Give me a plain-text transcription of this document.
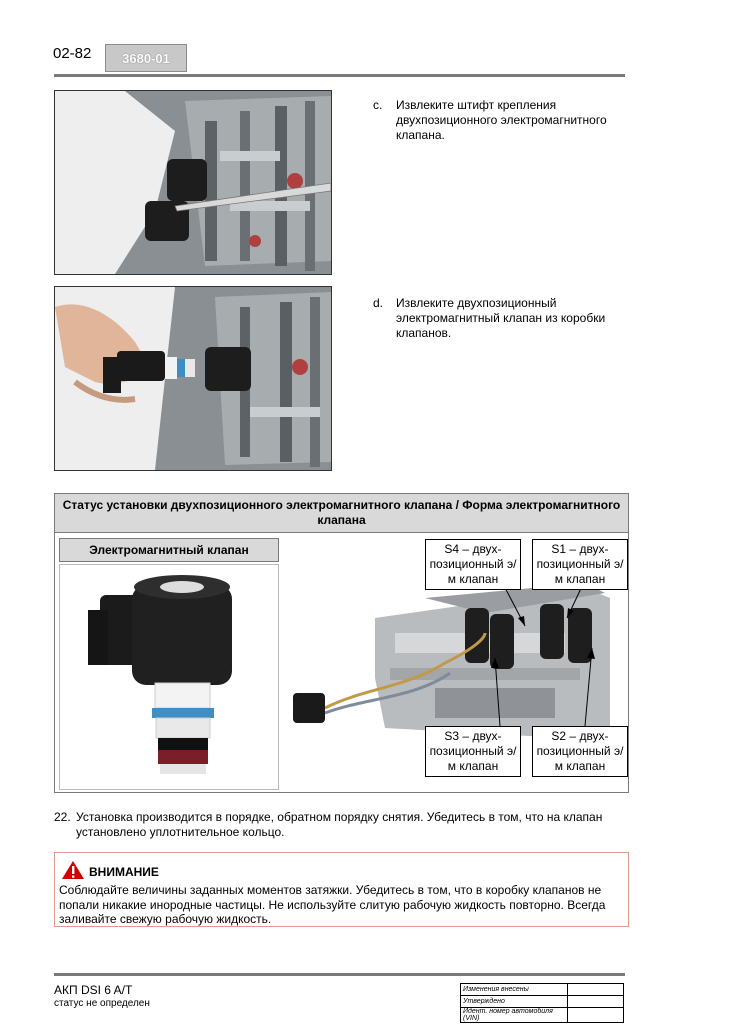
02-82	3680-01
c. Извлеките штифт крепления двухпозиционного электромагнитного клапана.
d. Извлеките двухпозиционный электромагнитный клапан из коробки клапанов.
Статус установки двухпозиционного электромагнитного клапана / Форма электромагнитного клапана
Электромагнитный клапан	S4 – двух-позиционный э/м клапан
S1 – двух-позиционный э/м клапан
S3 – двух-позиционный э/м клапан
S2 – двух-позиционный э/м клапан
22. Установка производится в порядке, обратном порядку снятия. Убедитесь в том, что на клапан установлено уплотнительное кольцо.
ВНИМАНИЕ
Соблюдайте величины заданных моментов затяжки. Убедитесь в том, что в коробку клапанов не попали никакие инородные частицы. Не используйте слитую рабочую жидкость повторно. Всегда заливайте свежую рабочую жидкость.
АКП DSI 6 A/T
статус не определен
Изменения внесены	
Утверждено	
Идент. номер автомобиля (VIN)	
